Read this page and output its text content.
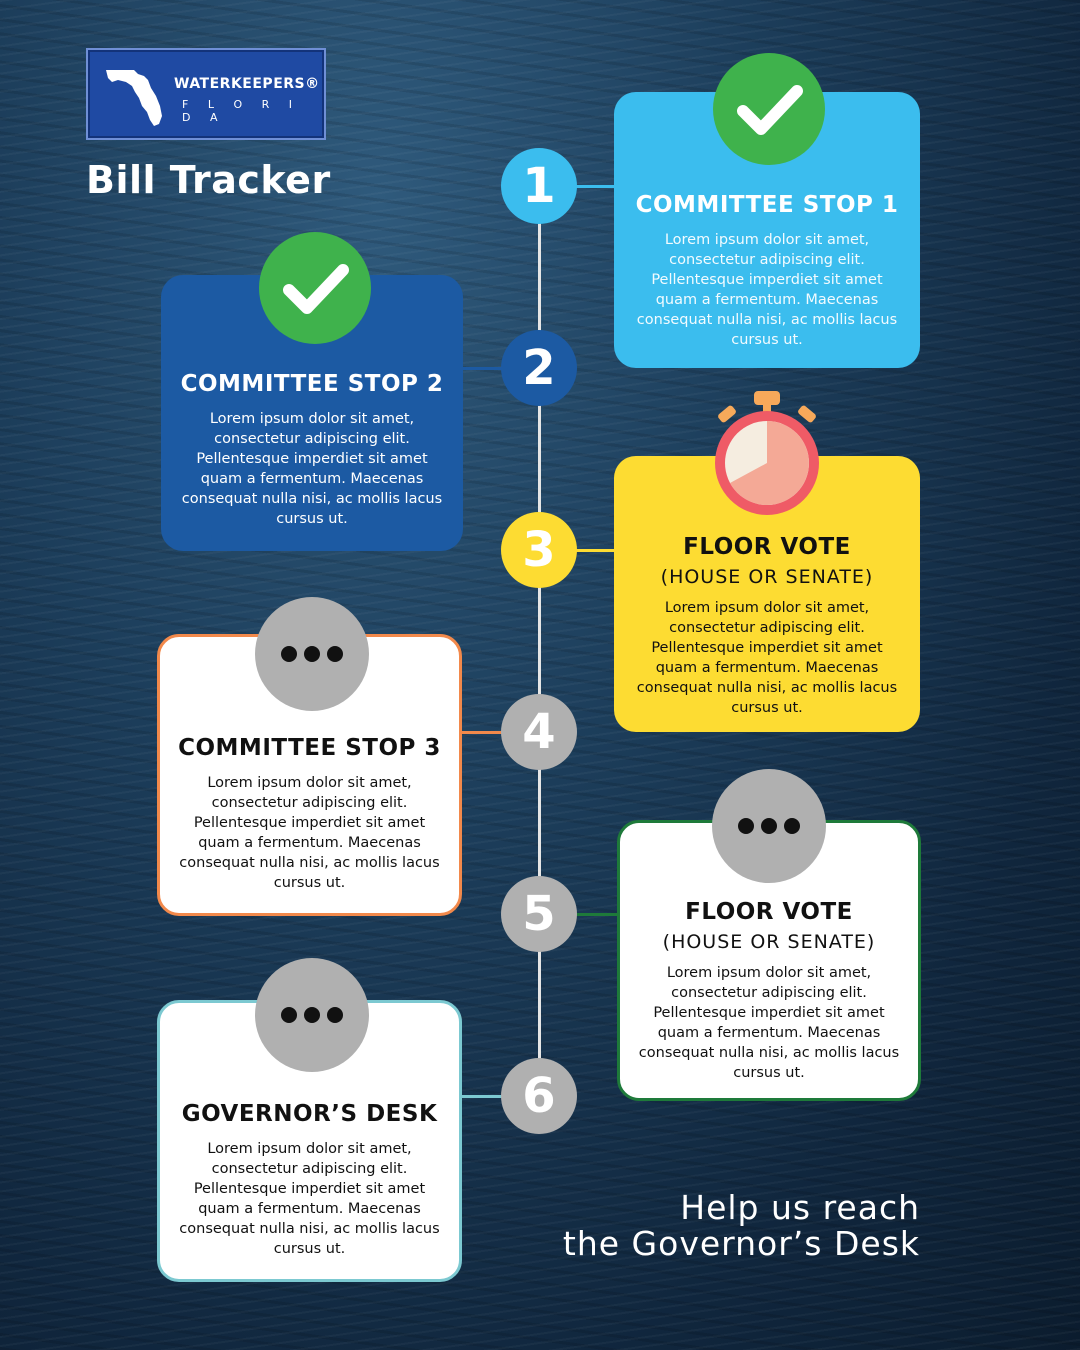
WATERKEEPERS®
F L O R I D A
Bill Tracker	1
2
3
4
5
6
COMMITTEE STOP 1
Lorem ipsum dolor sit amet, consectetur adipiscing elit. Pellentesque imperdiet sit amet quam a fermentum. Maecenas consequat nulla nisi, ac mollis lacus cursus ut.
COMMITTEE STOP 2
Lorem ipsum dolor sit amet, consectetur adipiscing elit. Pellentesque imperdiet sit amet quam a fermentum. Maecenas consequat nulla nisi, ac mollis lacus cursus ut.
FLOOR VOTE
(HOUSE OR SENATE)
Lorem ipsum dolor sit amet, consectetur adipiscing elit. Pellentesque imperdiet sit amet quam a fermentum. Maecenas consequat nulla nisi, ac mollis lacus cursus ut.
COMMITTEE STOP 3
Lorem ipsum dolor sit amet, consectetur adipiscing elit. Pellentesque imperdiet sit amet quam a fermentum. Maecenas consequat nulla nisi, ac mollis lacus cursus ut.
FLOOR VOTE
(HOUSE OR SENATE)
Lorem ipsum dolor sit amet, consectetur adipiscing elit. Pellentesque imperdiet sit amet quam a fermentum. Maecenas consequat nulla nisi, ac mollis lacus cursus ut.
GOVERNOR’S DESK
Lorem ipsum dolor sit amet, consectetur adipiscing elit. Pellentesque imperdiet sit amet quam a fermentum. Maecenas consequat nulla nisi, ac mollis lacus cursus ut.
Help us reach
the Governor’s Desk
